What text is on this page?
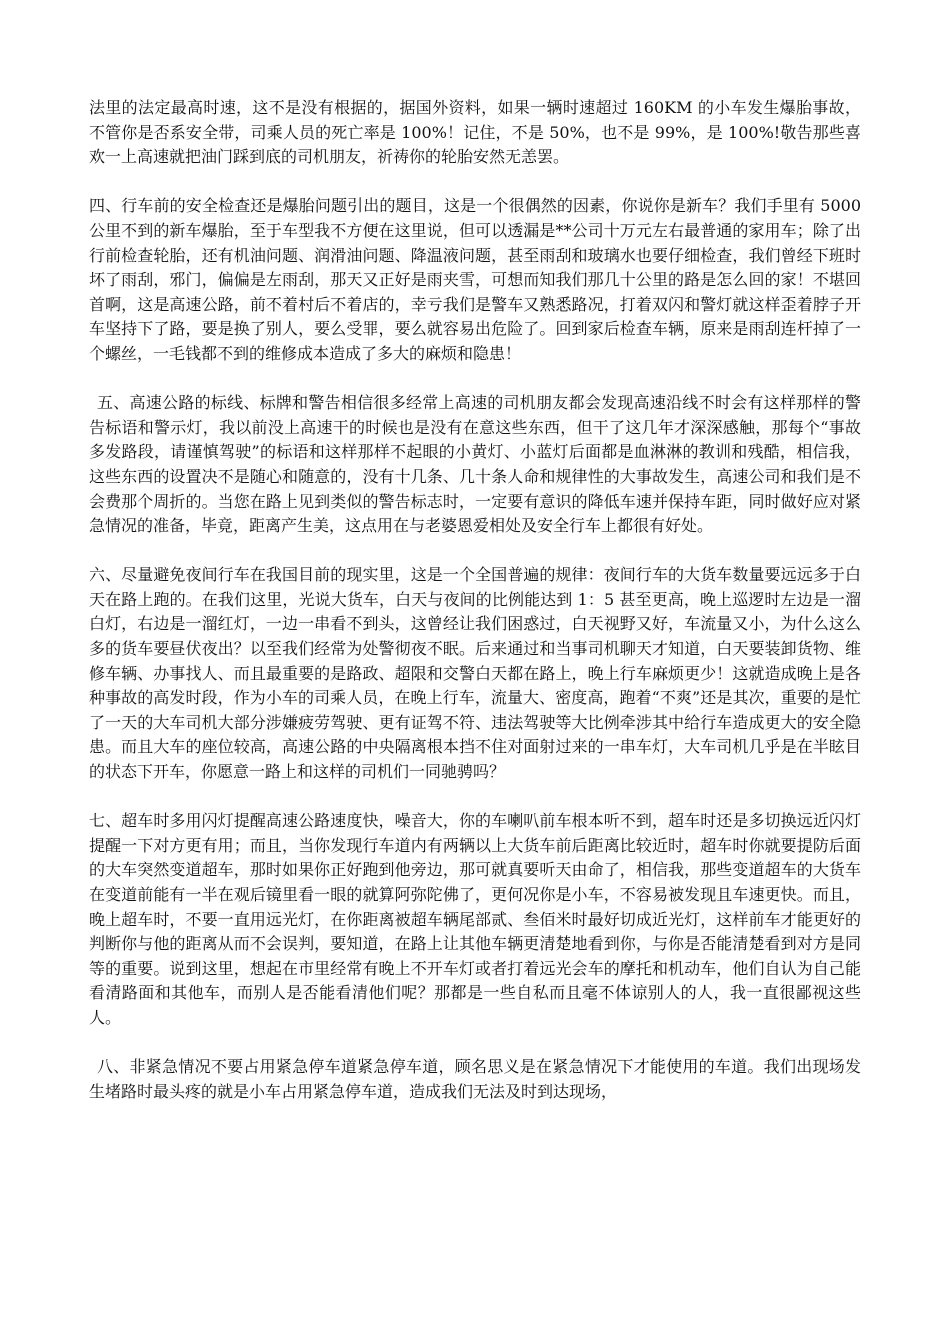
法里的法定最高时速，这不是没有根据的，据国外资料，如果一辆时速超过 160KM 的小车发生爆胎事故，不管你是否系安全带，司乘人员的死亡率是 100%！记住，不是 50%，也不是 99%，是 100%!敬告那些喜欢一上高速就把油门踩到底的司机朋友，祈祷你的轮胎安然无恙罢。

四、行车前的安全检查还是爆胎问题引出的题目，这是一个很偶然的因素，你说你是新车？我们手里有 5000 公里不到的新车爆胎，至于车型我不方便在这里说，但可以透漏是**公司十万元左右最普通的家用车；除了出行前检查轮胎，还有机油问题、润滑油问题、降温液问题，甚至雨刮和玻璃水也要仔细检查，我们曾经下班时坏了雨刮，邪门，偏偏是左雨刮，那天又正好是雨夹雪，可想而知我们那几十公里的路是怎么回的家！不堪回首啊，这是高速公路，前不着村后不着店的，幸亏我们是警车又熟悉路况，打着双闪和警灯就这样歪着脖子开车坚持下了路，要是换了别人，要么受罪，要么就容易出危险了。回到家后检查车辆，原来是雨刮连杆掉了一个螺丝，一毛钱都不到的维修成本造成了多大的麻烦和隐患！

五、高速公路的标线、标牌和警告相信很多经常上高速的司机朋友都会发现高速沿线不时会有这样那样的警告标语和警示灯，我以前没上高速干的时候也是没有在意这些东西，但干了这几年才深深感触，那每个“事故多发路段，请谨慎驾驶”的标语和这样那样不起眼的小黄灯、小蓝灯后面都是血淋淋的教训和残酷，相信我，这些东西的设置决不是随心和随意的，没有十几条、几十条人命和规律性的大事故发生，高速公司和我们是不会费那个周折的。当您在路上见到类似的警告标志时，一定要有意识的降低车速并保持车距，同时做好应对紧急情况的准备，毕竟，距离产生美，这点用在与老婆恩爱相处及安全行车上都很有好处。

六、尽量避免夜间行车在我国目前的现实里，这是一个全国普遍的规律：夜间行车的大货车数量要远远多于白天在路上跑的。在我们这里，光说大货车，白天与夜间的比例能达到 1：5 甚至更高，晚上巡逻时左边是一溜白灯，右边是一溜红灯，一边一串看不到头，这曾经让我们困惑过，白天视野又好，车流量又小，为什么这么多的货车要昼伏夜出？以至我们经常为处警彻夜不眠。后来通过和当事司机聊天才知道，白天要装卸货物、维修车辆、办事找人、而且最重要的是路政、超限和交警白天都在路上，晚上行车麻烦更少！这就造成晚上是各种事故的高发时段，作为小车的司乘人员，在晚上行车，流量大、密度高，跑着“不爽”还是其次，重要的是忙了一天的大车司机大部分涉嫌疲劳驾驶、更有证驾不符、违法驾驶等大比例牵涉其中给行车造成更大的安全隐患。而且大车的座位较高，高速公路的中央隔离根本挡不住对面射过来的一串车灯，大车司机几乎是在半眩目的状态下开车，你愿意一路上和这样的司机们一同驰骋吗？

七、超车时多用闪灯提醒高速公路速度快，噪音大，你的车喇叭前车根本听不到，超车时还是多切换远近闪灯提醒一下对方更有用；而且，当你发现行车道内有两辆以上大货车前后距离比较近时，超车时你就要提防后面的大车突然变道超车，那时如果你正好跑到他旁边，那可就真要听天由命了，相信我，那些变道超车的大货车在变道前能有一半在观后镜里看一眼的就算阿弥陀佛了，更何况你是小车，不容易被发现且车速更快。而且，晚上超车时，不要一直用远光灯，在你距离被超车辆尾部贰、叁佰米时最好切成近光灯，这样前车才能更好的判断你与他的距离从而不会误判，要知道，在路上让其他车辆更清楚地看到你，与你是否能清楚看到对方是同等的重要。说到这里，想起在市里经常有晚上不开车灯或者打着远光会车的摩托和机动车，他们自认为自己能看清路面和其他车，而别人是否能看清他们呢？那都是一些自私而且毫不体谅别人的人，我一直很鄙视这些人。

八、非紧急情况不要占用紧急停车道紧急停车道，顾名思义是在紧急情况下才能使用的车道。我们出现场发生堵路时最头疼的就是小车占用紧急停车道，造成我们无法及时到达现场，
